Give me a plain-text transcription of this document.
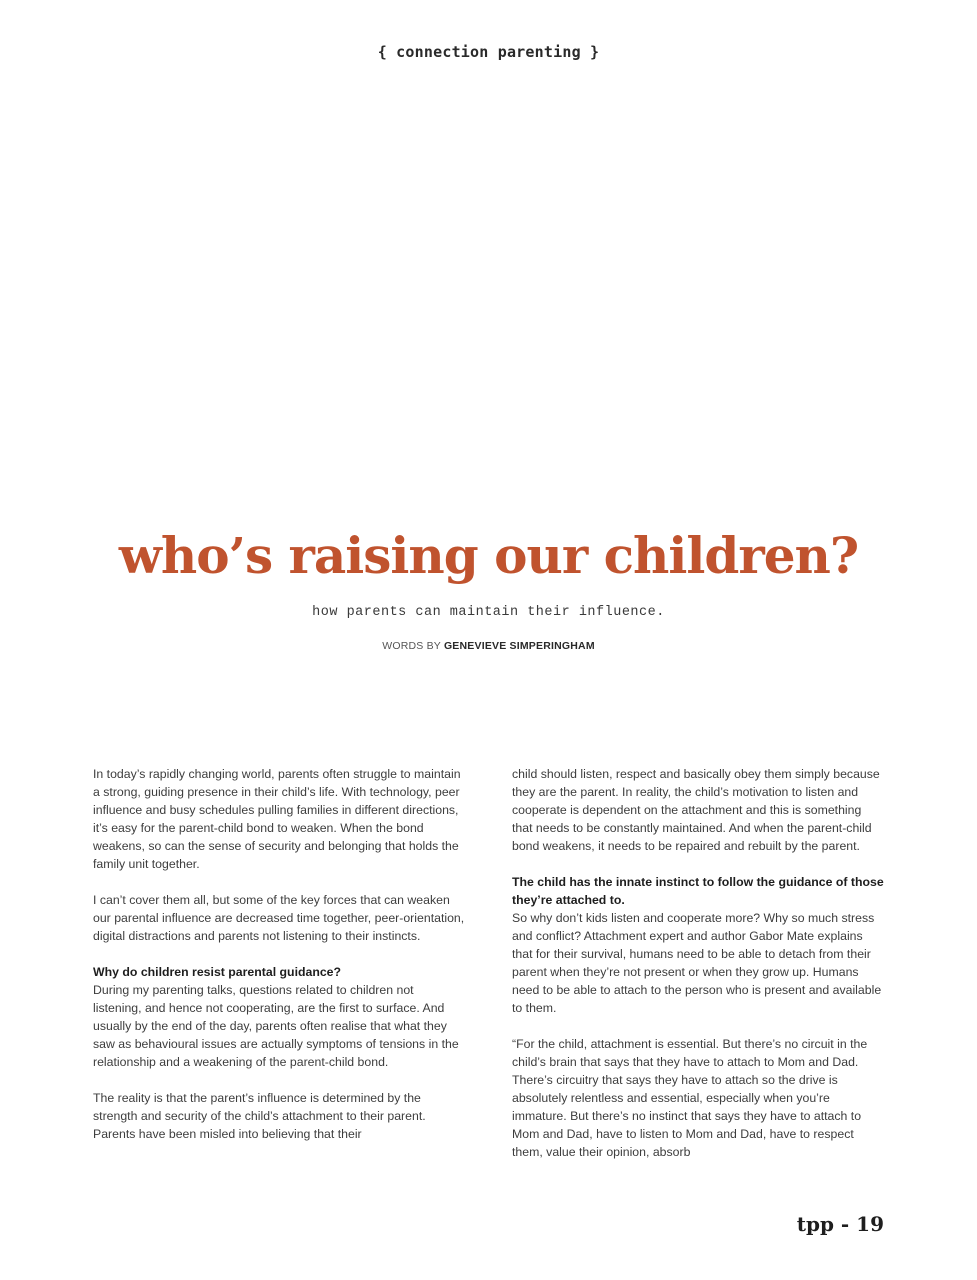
{ connection parenting }
who’s raising our children?
how parents can maintain their influence.
WORDS BY GENEVIEVE SIMPERINGHAM

In today’s rapidly changing world, parents often struggle to maintain a strong, guiding presence in their child’s life. With technology, peer influence and busy schedules pulling families in different directions, it’s easy for the parent-child bond to weaken. When the bond weakens, so can the sense of security and belonging that holds the family unit together.

I can’t cover them all, but some of the key forces that can weaken our parental influence are decreased time together, peer-orientation, digital distractions and parents not listening to their instincts.

Why do children resist parental guidance?

During my parenting talks, questions related to children not listening, and hence not cooperating, are the first to surface. And usually by the end of the day, parents often realise that what they saw as behavioural issues are actually symptoms of tensions in the relationship and a weakening of the parent-child bond.

The reality is that the parent’s influence is determined by the strength and security of the child’s attachment to their parent. Parents have been misled into believing that their

child should listen, respect and basically obey them simply because they are the parent. In reality, the child’s motivation to listen and cooperate is dependent on the attachment and this is something that needs to be constantly maintained. And when the parent-child bond weakens, it needs to be repaired and rebuilt by the parent.

The child has the innate instinct to follow the guidance of those they’re attached to.

So why don’t kids listen and cooperate more? Why so much stress and conflict? Attachment expert and author Gabor Mate explains that for their survival, humans need to be able to detach from their parent when they’re not present or when they grow up. Humans need to be able to attach to the person who is present and available to them.

“For the child, attachment is essential. But there’s no circuit in the child’s brain that says that they have to attach to Mom and Dad. There’s circuitry that says they have to attach so the drive is absolutely relentless and essential, especially when you’re immature. But there’s no instinct that says they have to attach to Mom and Dad, have to listen to Mom and Dad, have to respect them, value their opinion, absorb

tpp - 19
